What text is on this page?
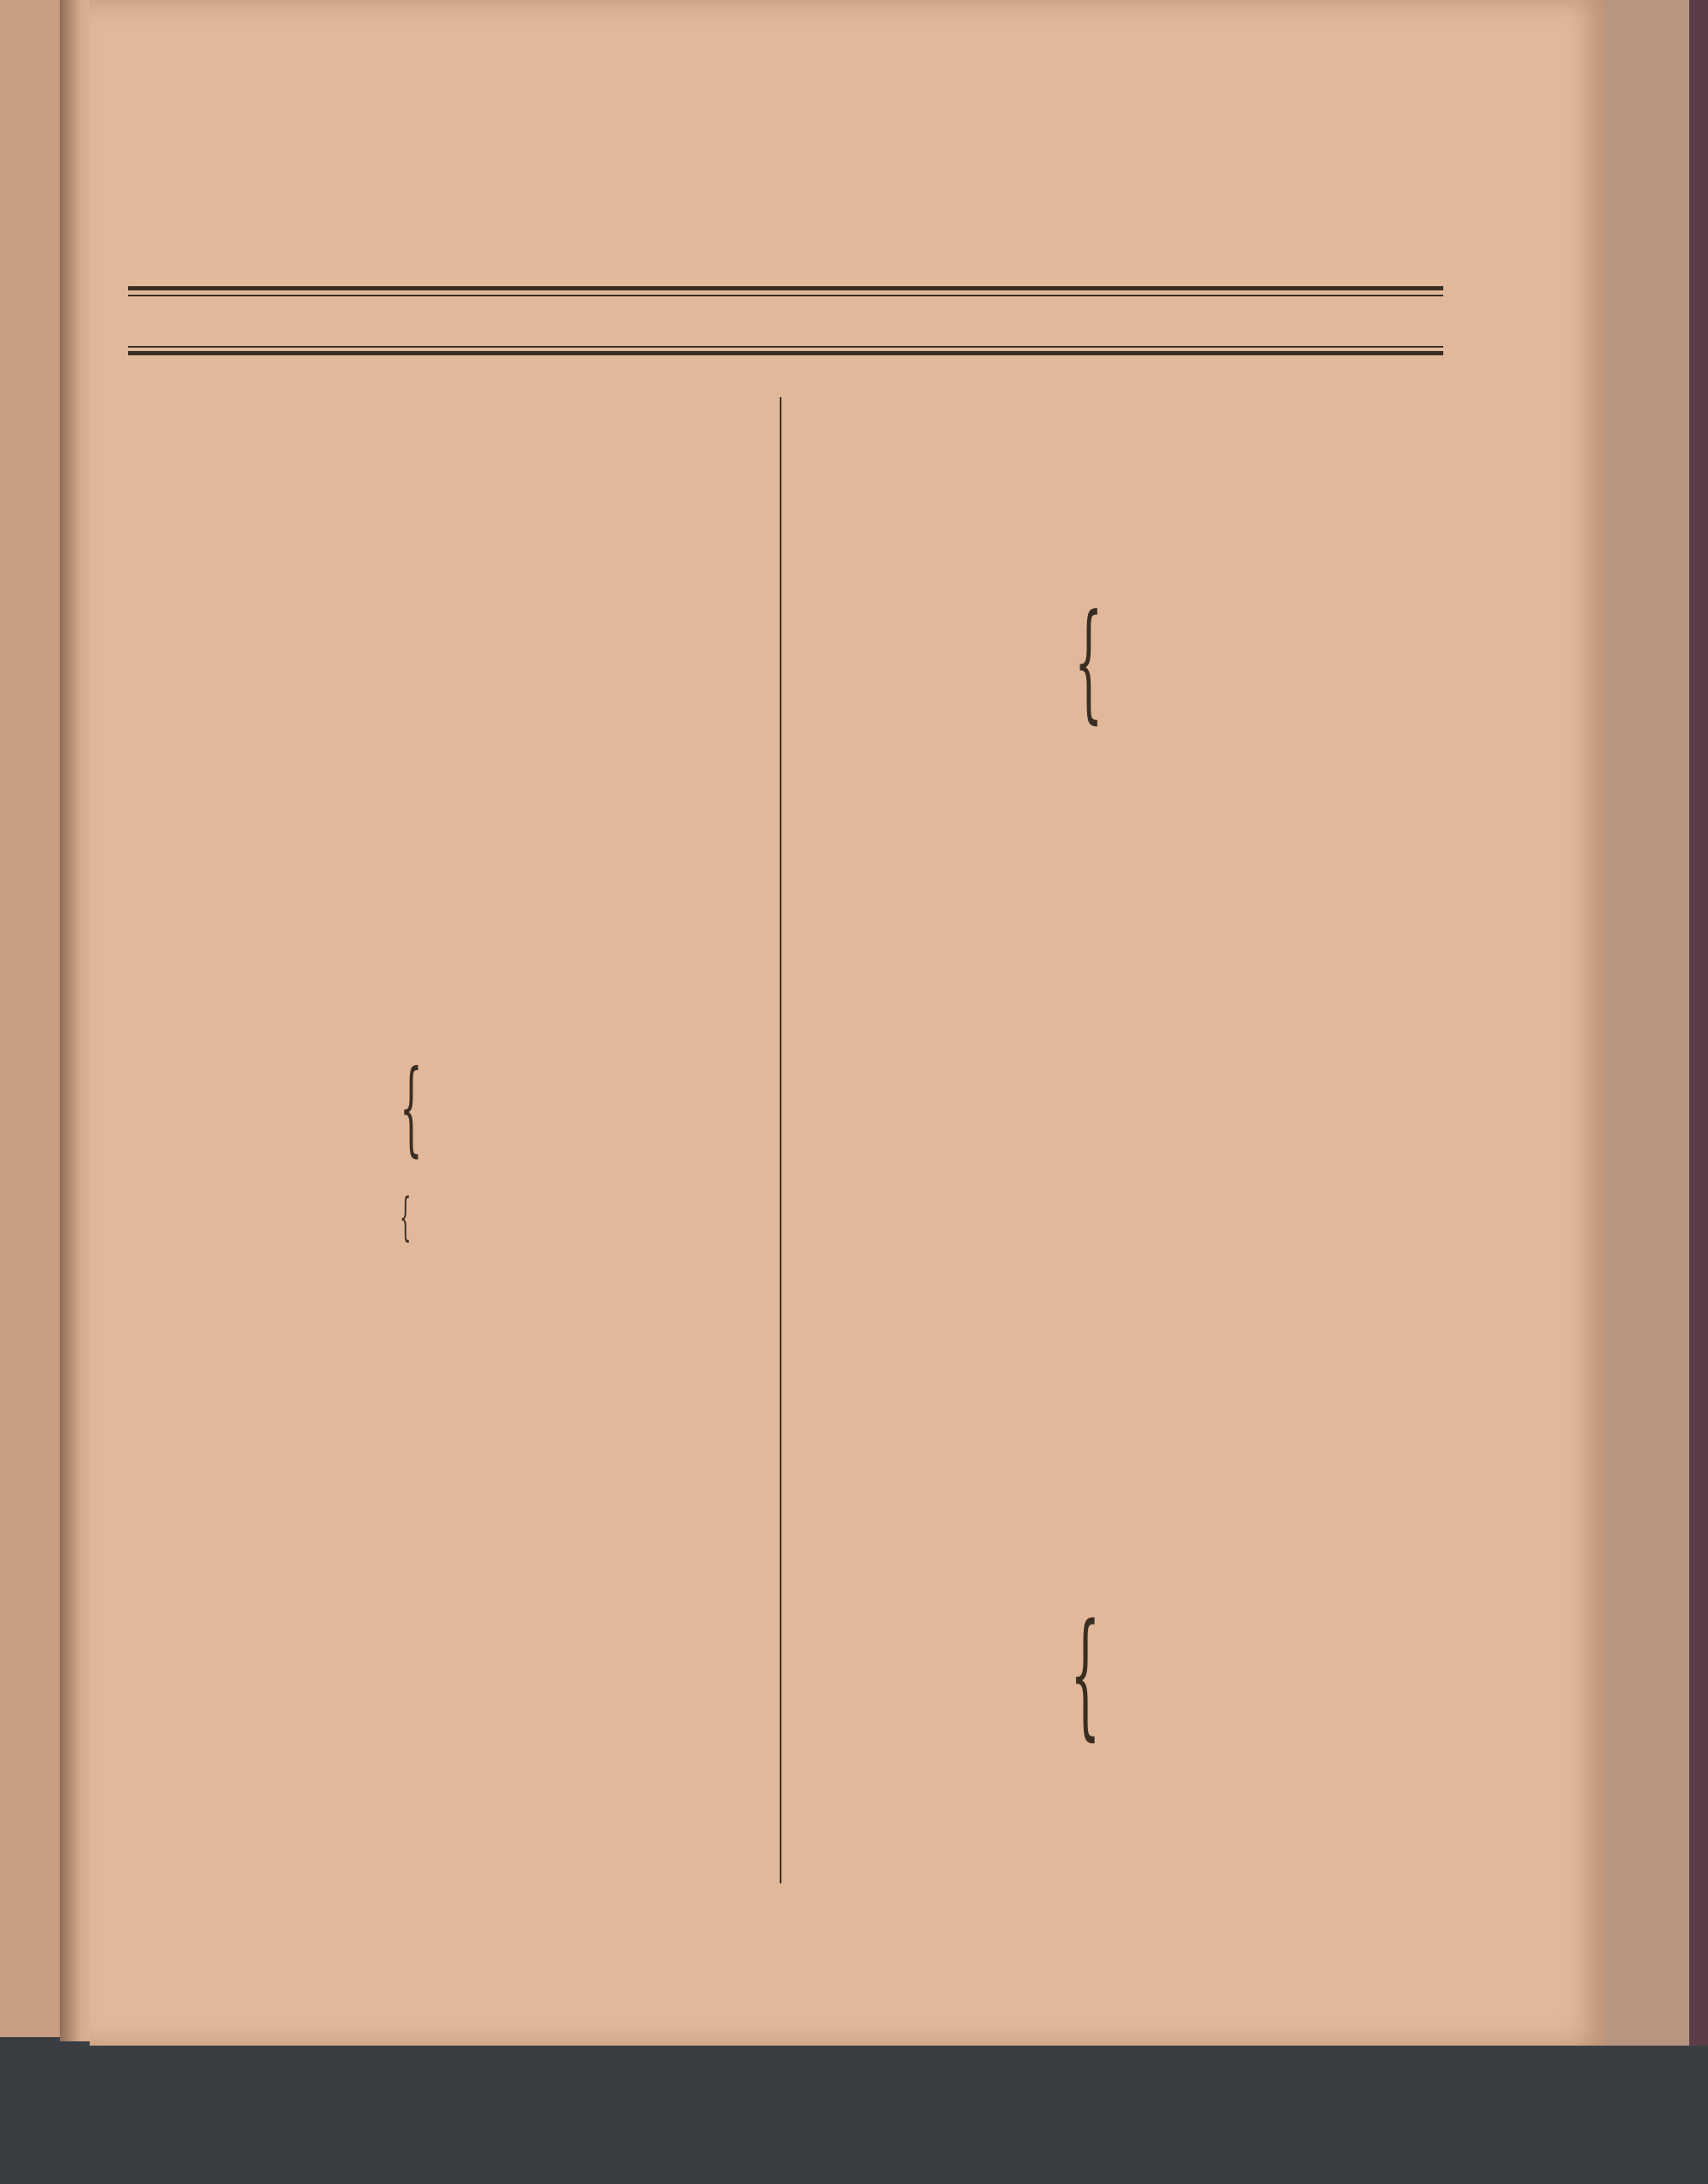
{
{
{
{
